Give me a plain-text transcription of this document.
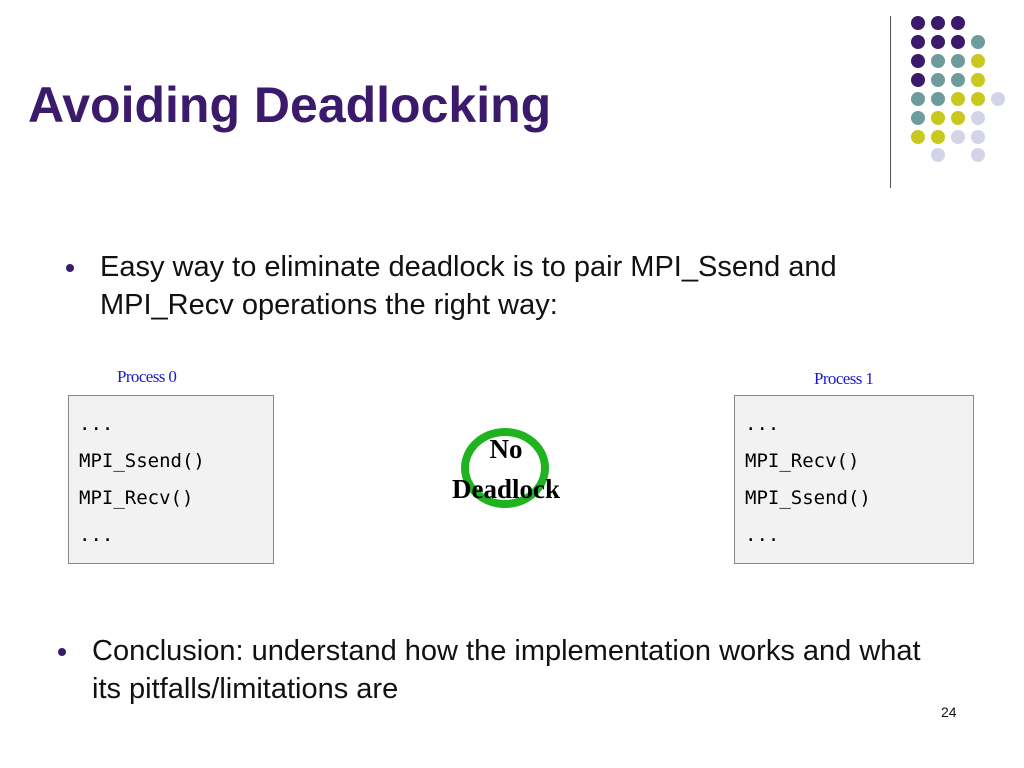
Avoiding Deadlocking
Easy way to eliminate deadlock is to pair MPI_Ssend and MPI_Recv operations the right way:
Process 0	Process 1
...
MPI_Ssend()
MPI_Recv()
...
...
MPI_Recv()
MPI_Ssend()
...
No
Deadlock
Conclusion: understand how the implementation works and what its pitfalls/limitations are
24
